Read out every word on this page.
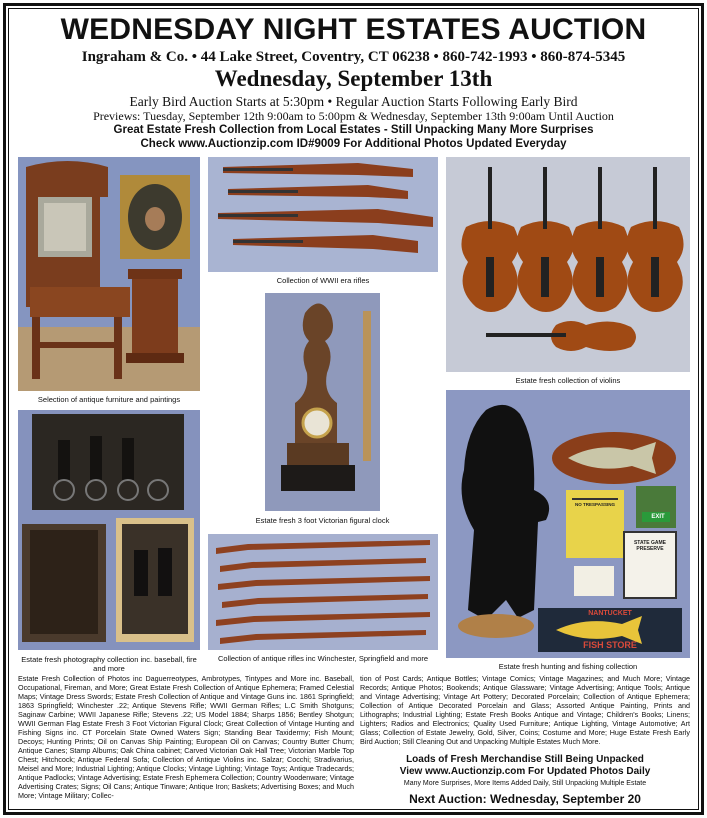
WEDNESDAY NIGHT ESTATES AUCTION
Ingraham & Co. • 44 Lake Street, Coventry, CT 06238 • 860-742-1993 • 860-874-5345
Wednesday, September 13th
Early Bird Auction Starts at 5:30pm • Regular Auction Starts Following Early Bird
Previews: Tuesday, September 12th 9:00am to 5:00pm & Wednesday, September 13th 9:00am Until Auction
Great Estate Fresh Collection from Local Estates - Still Unpacking Many More Surprises
Check www.Auctionzip.com ID#9009 For Additional Photos Updated Everyday
Selection of antique furniture and paintings
Collection of WWII era rifles
Estate fresh collection of violins
Estate fresh 3 foot Victorian figural clock
Estate fresh photography collection inc. baseball, fire and more
Collection of antique rifles inc Winchester, Springfield and more
EXIT
NO TRESPASSING
STATE GAME PRESERVE
NANTUCKET
FISH STORE
Estate fresh hunting and fishing collection
Estate Fresh Collection of Photos inc Daguerreotypes, Ambrotypes, Tintypes and More inc. Baseball, Occupational, Fireman, and More; Great Estate Fresh Collection of Antique Ephemera; Framed Celestial Maps; Vintage Dress Swords; Estate Fresh Collection of Antique and Vintage Guns inc. 1861 Springfield; 1863 Springfield; Winchester .22; Antique Stevens Rifle; WWII German Rifles; L.C Smith Shotguns; Saginaw Carbine; WWII Japanese Rifle; Stevens .22; US Model 1884; Sharps 1856; Bentley Shotgun; WWII German Flag Estate Fresh 3 Foot Victorian Figural Clock; Great Collection of Vintage Hunting and Fishing Signs inc. CT Porcelain State Owned Waters Sign; Standing Bear Taxidermy; Fish Mount; Decoys; Hunting Prints; Oil on Canvas Ship Painting; European Oil on Canvas; Country Butter Churn; Antique Canes; Stamp Albums; Oak China cabinet; Carved Victorian Oak Hall Tree; Victorian Marble Top Chest; Hitchcock; Antique Federal Sofa; Collection of Antique Violins inc. Salzar; Cocchi; Stradivarius, Meisel and More; Industrial Lighting; Antique Clocks; Vintage Lighting; Vintage Toys; Antique Tradecards; Antique Padlocks; Vintage Advertising; Estate Fresh Ephemera Collection; Country Woodenware; Vintage Advertising Crates; Signs; Oil Cans; Antique Tinware; Antique Iron; Baskets; Advertising Boxes; and Much More; Vintage Military; Collec-
tion of Post Cards; Antique Bottles; Vintage Comics; Vintage Magazines; and Much More; Vintage Records; Antique Photos; Bookends; Antique Glassware; Vintage Advertising; Antique Tools; Antique and Vintage Advertising; Vintage Art Pottery; Decorated Porcelain; Collection of Antique Ephemera; Collection of Antique Decorated Porcelain and Glass; Assorted Antique Painting, Prints and Lithographs; Industrial Lighting; Estate Fresh Books Antique and Vintage; Children's Books; Linens; Lighters; Radios and Electronics; Quality Used Furniture; Antique Lighting, Vintage Automotive; Art Glass; Collection of Estate Jewelry, Gold, Silver, Coins; Costume and More; Huge Estate Fresh Early Bird Auction; Still Cleaning Out and Unpacking Multiple Estates Much More.
Loads of Fresh Merchandise Still Being Unpacked
View www.Auctionzip.com For Updated Photos Daily
Many More Surprises, More Items Added Daily, Still Unpacking Multiple Estate
Next Auction: Wednesday, September 20
